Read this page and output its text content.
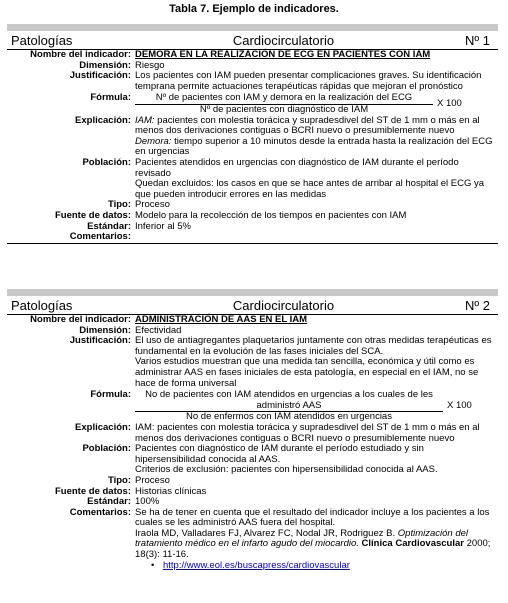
Tabla 7. Ejemplo de indicadores.
Patologías	Cardiocirculatorio	Nº 1
Nombre del indicador: DEMORA EN LA REALIZACIÓN DE ECG EN PACIENTES CON IAM
Dimensión: Riesgo
Justificación: Los pacientes con IAM pueden presentar complicaciones graves. Su identificación temprana permite actuaciones terapéuticas rápidas que mejoran el pronóstico
Fórmula: $\frac{\text{Nº de pacientes con IAM y demora en la realización del ECG}}{\text{Nº de pacientes con diagnóstico de IAM}}$ X 100
Explicación: IAM: pacientes con molestia torácica y supradesdivel del ST de 1 mm o más en al menos dos derivaciones contiguas o BCRI nuevo o presumiblemente nuevo
Demora: tiempo superior a 10 minutos desde la entrada hasta la realización del ECG en urgencias
Población: Pacientes atendidos en urgencias con diagnóstico de IAM durante el período revisado
Quedan excluidos: los casos en que se hace antes de arribar al hospital el ECG ya que pueden introducir errores en las medidas
Tipo: Proceso
Fuente de datos: Modelo para la recolección de los tiempos en pacientes con IAM
Estándar: Inferior al 5%
Comentarios:
Patologías	Cardiocirculatorio	Nº 2
Nombre del indicador: ADMINISTRACIÓN DE AAS EN EL IAM
Dimensión: Efectividad
Justificación: El uso de antiagregantes plaquetarios juntamente con otras medidas terapéuticas es fundamental en la evolución de las fases iniciales del SCA.
Varios estudios muestran que una medida tan sencilla, económica y útil como es administrar AAS en fases iniciales de esta patología, en especial en el IAM, no se hace de forma universal
Fórmula:	No de pacientes con IAM atendidos en urgencias a los cuales de les administró AAS
No de enfermos con IAM atendidos en urgencias
X 100
Explicación: IAM: pacientes con molestia torácica y supradesdivel del ST de 1 mm o más en al menos dos derivaciones contiguas o BCRI nuevo o presumiblemente nuevo
Población: Pacientes con diagnóstico de IAM durante el período estudiado y sin hipersensibilidad conocida al AAS.
Criterios de exclusión: pacientes con hipersensibilidad conocida al AAS.
Tipo: Proceso
Fuente de datos: Historias clínicas
Estándar: 100%
Comentarios: Se ha de tener en cuenta que el resultado del indicador incluye a los pacientes a los cuales se les administró AAS fuera del hospital.
Iraola MD, Valladares FJ, Alvarez FC, Nodal JR, Rodriguez B. Optimización del tratamiento médico en el infarto agudo del miocardio. Clínica Cardiovascular 2000; 18(3): 11-16.
• http://www.eol.es/buscapress/cardiovascular
